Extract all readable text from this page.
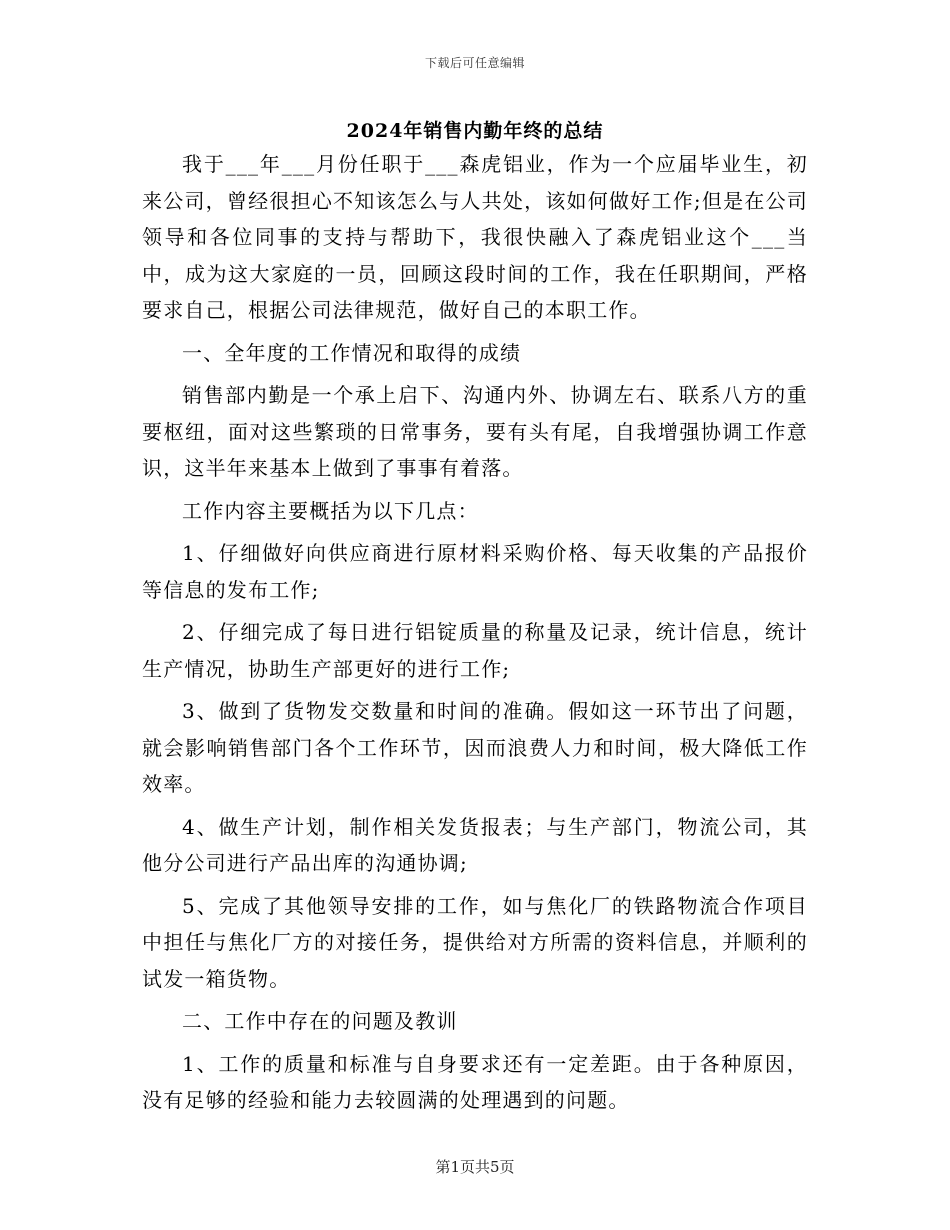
下载后可任意编辑
2024年销售内勤年终的总结

我于___年___月份任职于___森虎铝业，作为一个应届毕业生，初来公司，曾经很担心不知该怎么与人共处，该如何做好工作;但是在公司领导和各位同事的支持与帮助下，我很快融入了森虎铝业这个___当中，成为这大家庭的一员，回顾这段时间的工作，我在任职期间，严格要求自己，根据公司法律规范，做好自己的本职工作。

一、全年度的工作情况和取得的成绩

销售部内勤是一个承上启下、沟通内外、协调左右、联系八方的重要枢纽，面对这些繁琐的日常事务，要有头有尾，自我增强协调工作意识，这半年来基本上做到了事事有着落。

工作内容主要概括为以下几点：

1、仔细做好向供应商进行原材料采购价格、每天收集的产品报价等信息的发布工作;

2、仔细完成了每日进行铝锭质量的称量及记录，统计信息，统计生产情况，协助生产部更好的进行工作;

3、做到了货物发交数量和时间的准确。假如这一环节出了问题，就会影响销售部门各个工作环节，因而浪费人力和时间，极大降低工作效率。

4、做生产计划，制作相关发货报表；与生产部门，物流公司，其他分公司进行产品出库的沟通协调;

5、完成了其他领导安排的工作，如与焦化厂的铁路物流合作项目中担任与焦化厂方的对接任务，提供给对方所需的资料信息，并顺利的试发一箱货物。

二、工作中存在的问题及教训

1、工作的质量和标准与自身要求还有一定差距。由于各种原因，没有足够的经验和能力去较圆满的处理遇到的问题。

第1页共5页
